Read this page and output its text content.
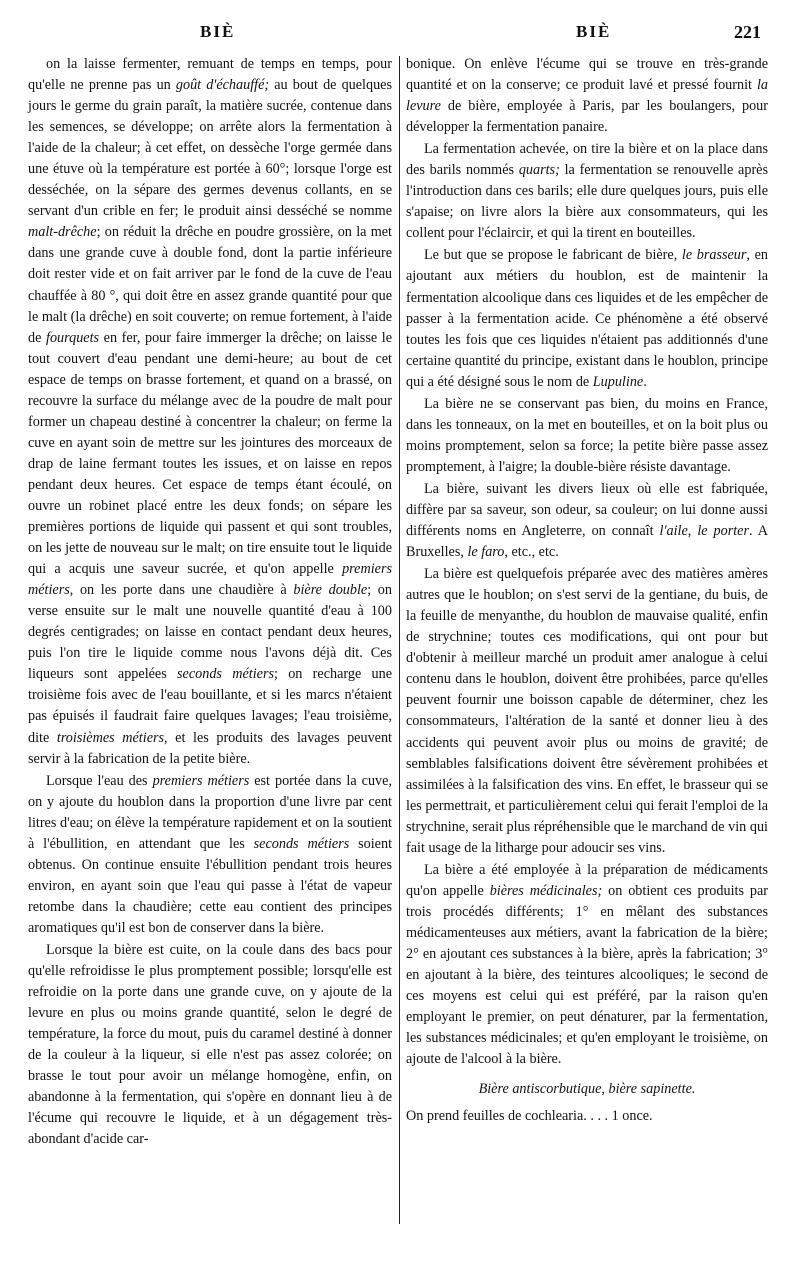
BIÈ	BIÈ	221

on la laisse fermenter, remuant de temps en temps, pour qu'elle ne prenne pas un goût d'échauffé; au bout de quelques jours le germe du grain paraît, la matière sucrée, contenue dans les semences, se développe; on arrête alors la fermentation à l'aide de la chaleur; à cet effet, on dessèche l'orge germée dans une étuve où la température est portée à 60°; lorsque l'orge est desséchée, on la sépare des germes devenus collants, en se servant d'un crible en fer; le produit ainsi desséché se nomme malt-drêche; on réduit la drêche en poudre grossière, on la met dans une grande cuve à double fond, dont la partie inférieure doit rester vide et on fait arriver par le fond de la cuve de l'eau chauffée à 80 °, qui doit être en assez grande quantité pour que le malt (la drêche) en soit couverte; on remue fortement, à l'aide de fourquets en fer, pour faire immerger la drêche; on laisse le tout couvert d'eau pendant une demi-heure; au bout de cet espace de temps on brasse fortement, et quand on a brassé, on recouvre la surface du mélange avec de la poudre de malt pour former un chapeau destiné à concentrer la chaleur; on ferme la cuve en ayant soin de mettre sur les jointures des morceaux de drap de laine fermant toutes les issues, et on laisse en repos pendant deux heures. Cet espace de temps étant écoulé, on ouvre un robinet placé entre les deux fonds; on sépare les premières portions de liquide qui passent et qui sont troubles, on les jette de nouveau sur le malt; on tire ensuite tout le liquide qui a acquis une saveur sucrée, et qu'on appelle premiers métiers, on les porte dans une chaudière à bière double; on verse ensuite sur le malt une nouvelle quantité d'eau à 100 degrés centigrades; on laisse en contact pendant deux heures, puis l'on tire le liquide comme nous l'avons déjà dit. Ces liqueurs sont appelées seconds métiers; on recharge une troisième fois avec de l'eau bouillante, et si les marcs n'étaient pas épuisés il faudrait faire quelques lavages; l'eau troisième, dite troisièmes métiers, et les produits des lavages peuvent servir à la fabrication de la petite bière.

Lorsque l'eau des premiers métiers est portée dans la cuve, on y ajoute du houblon dans la proportion d'une livre par cent litres d'eau; on élève la température rapidement et on la soutient à l'ébullition, en attendant que les seconds métiers soient obtenus. On continue ensuite l'ébullition pendant trois heures environ, en ayant soin que l'eau qui passe à l'état de vapeur retombe dans la chaudière; cette eau contient des principes aromatiques qu'il est bon de conserver dans la bière.

Lorsque la bière est cuite, on la coule dans des bacs pour qu'elle refroidisse le plus promptement possible; lorsqu'elle est refroidie on la porte dans une grande cuve, on y ajoute de la levure en plus ou moins grande quantité, selon le degré de température, la force du mout, puis du caramel destiné à donner de la couleur à la liqueur, si elle n'est pas assez colorée; on brasse le tout pour avoir un mélange homogène, enfin, on abandonne à la fermentation, qui s'opère en donnant lieu à de l'écume qui recouvre le liquide, et à un dégagement très-abondant d'acide car-

bonique. On enlève l'écume qui se trouve en très-grande quantité et on la conserve; ce produit lavé et pressé fournit la levure de bière, employée à Paris, par les boulangers, pour développer la fermentation panaire.

La fermentation achevée, on tire la bière et on la place dans des barils nommés quarts; la fermentation se renouvelle après l'introduction dans ces barils; elle dure quelques jours, puis elle s'apaise; on livre alors la bière aux consommateurs, qui les collent pour l'éclaircir, et qui la tirent en bouteilles.

Le but que se propose le fabricant de bière, le brasseur, en ajoutant aux métiers du houblon, est de maintenir la fermentation alcoolique dans ces liquides et de les empêcher de passer à la fermentation acide. Ce phénomène a été observé toutes les fois que ces liquides n'étaient pas additionnés d'une certaine quantité du principe, existant dans le houblon, principe qui a été désigné sous le nom de Lupuline.

La bière ne se conservant pas bien, du moins en France, dans les tonneaux, on la met en bouteilles, et on la boit plus ou moins promptement, selon sa force; la petite bière passe assez promptement, à l'aigre; la double-bière résiste davantage.

La bière, suivant les divers lieux où elle est fabriquée, diffère par sa saveur, son odeur, sa couleur; on lui donne aussi différents noms en Angleterre, on connaît l'aile, le porter. A Bruxelles, le faro, etc., etc.

La bière est quelquefois préparée avec des matières amères autres que le houblon; on s'est servi de la gentiane, du buis, de la feuille de menyanthe, du houblon de mauvaise qualité, enfin de strychnine; toutes ces modifications, qui ont pour but d'obtenir à meilleur marché un produit amer analogue à celui contenu dans le houblon, doivent être prohibées, parce qu'elles peuvent fournir une boisson capable de déterminer, chez les consommateurs, l'altération de la santé et donner lieu à des accidents qui peuvent avoir plus ou moins de gravité; de semblables falsifications doivent être sévèrement prohibées et assimilées à la falsification des vins. En effet, le brasseur qui se les permettrait, et particulièrement celui qui ferait l'emploi de la strychnine, serait plus répréhensible que le marchand de vin qui fait usage de la litharge pour adoucir ses vins.

La bière a été employée à la préparation de médicaments qu'on appelle bières médicinales; on obtient ces produits par trois procédés différents; 1° en mêlant des substances médicamenteuses aux métiers, avant la fabrication de la bière; 2° en ajoutant ces substances à la bière, après la fabrication; 3° en ajoutant à la bière, des teintures alcooliques; le second de ces moyens est celui qui est préféré, par la raison qu'en employant le premier, on peut dénaturer, par la fermentation, les substances médicinales; et qu'en employant le troisième, on ajoute de l'alcool à la bière.

Bière antiscorbutique, bière sapinette.

On prend feuilles de cochlearia. . . . 1 once.
